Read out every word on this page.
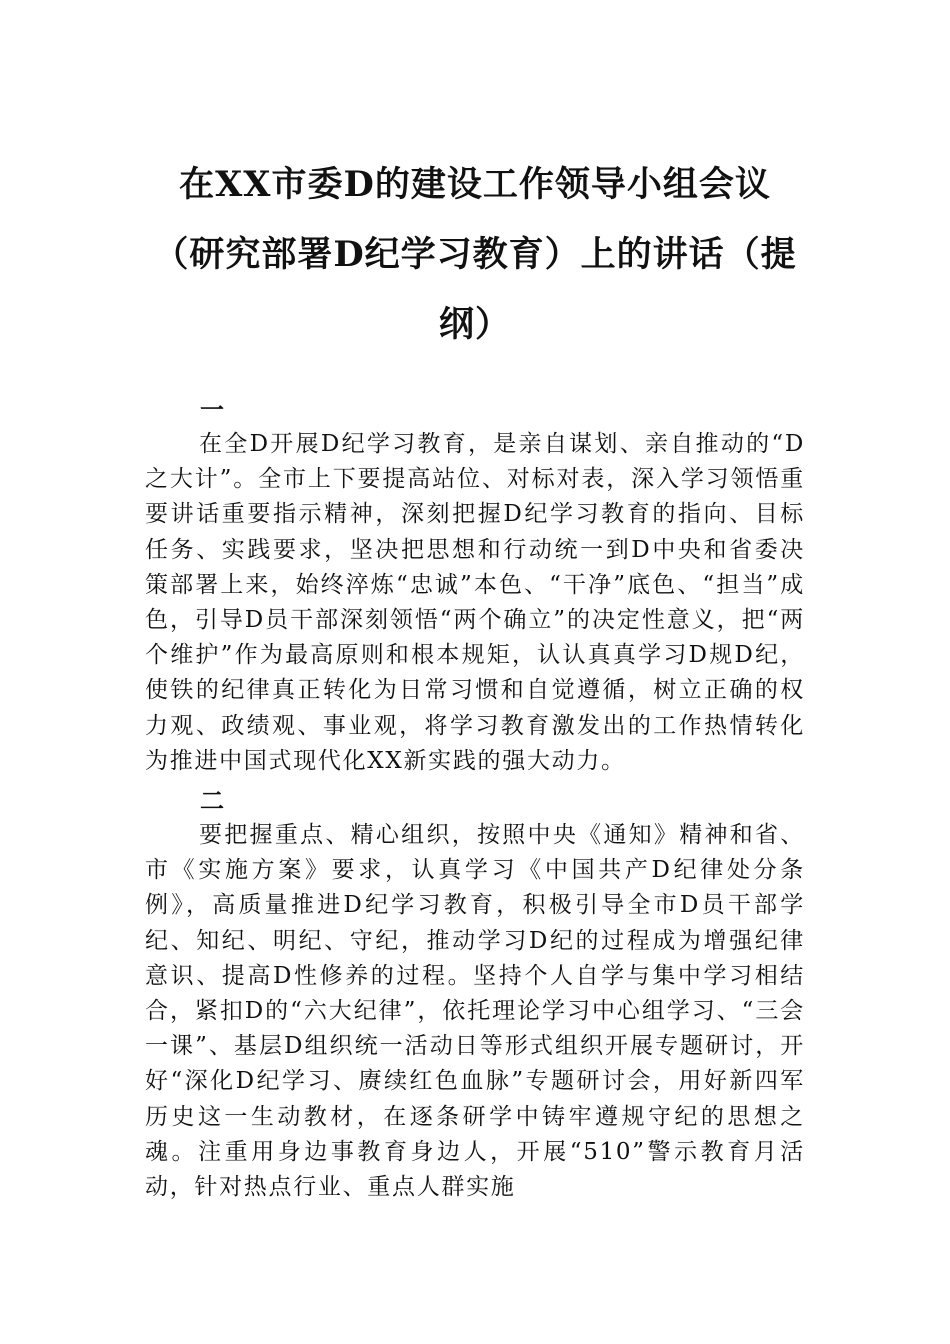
在XX市委D的建设工作领导小组会议
（研究部署D纪学习教育）上的讲话（提
纲）
一

在全D开展D纪学习教育，是亲自谋划、亲自推动的“D之大计”。全市上下要提高站位、对标对表，深入学习领悟重要讲话重要指示精神，深刻把握D纪学习教育的指向、目标任务、实践要求，坚决把思想和行动统一到D中央和省委决策部署上来，始终淬炼“忠诚”本色、“干净”底色、“担当”成色，引导D员干部深刻领悟“两个确立”的决定性意义，把“两个维护”作为最高原则和根本规矩，认认真真学习D规D纪，使铁的纪律真正转化为日常习惯和自觉遵循，树立正确的权力观、政绩观、事业观，将学习教育激发出的工作热情转化为推进中国式现代化XX新实践的强大动力。

二

要把握重点、精心组织，按照中央《通知》精神和省、市《实施方案》要求，认真学习《中国共产D纪律处分条例》，高质量推进D纪学习教育，积极引导全市D员干部学纪、知纪、明纪、守纪，推动学习D纪的过程成为增强纪律意识、提高D性修养的过程。坚持个人自学与集中学习相结合，紧扣D的“六大纪律”，依托理论学习中心组学习、“三会一课”、基层D组织统一活动日等形式组织开展专题研讨，开好“深化D纪学习、赓续红色血脉”专题研讨会，用好新四军历史这一生动教材，在逐条研学中铸牢遵规守纪的思想之魂。注重用身边事教育身边人，开展“510”警示教育月活动，针对热点行业、重点人群实施
